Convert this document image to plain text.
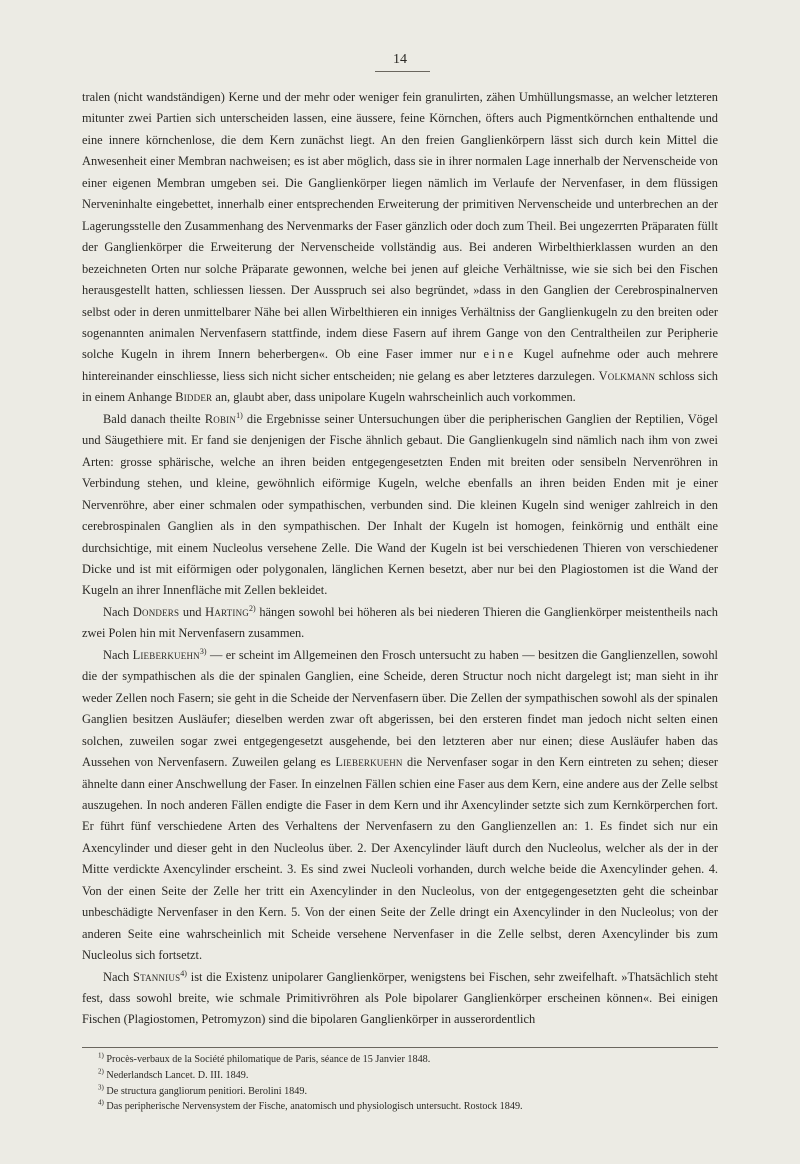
14

tralen (nicht wandständigen) Kerne und der mehr oder weniger fein granulirten, zähen Umhüllungsmasse, an welcher letzteren mitunter zwei Partien sich unterscheiden lassen, eine äussere, feine Körnchen, öfters auch Pigmentkörnchen enthaltende und eine innere körnchenlose, die dem Kern zunächst liegt. An den freien Ganglienkörpern lässt sich durch kein Mittel die Anwesenheit einer Membran nachweisen; es ist aber möglich, dass sie in ihrer normalen Lage innerhalb der Nervenscheide von einer eigenen Membran umgeben sei. Die Ganglienkörper liegen nämlich im Verlaufe der Nervenfaser, in dem flüssigen Nerveninhalte eingebettet, innerhalb einer entsprechenden Erweiterung der primitiven Nervenscheide und unterbrechen an der Lagerungsstelle den Zusammenhang des Nervenmarks der Faser gänzlich oder doch zum Theil. Bei ungezerrten Präparaten füllt der Ganglienkörper die Erweiterung der Nervenscheide vollständig aus. Bei anderen Wirbelthierklassen wurden an den bezeichneten Orten nur solche Präparate gewonnen, welche bei jenen auf gleiche Verhältnisse, wie sie sich bei den Fischen herausgestellt hatten, schliessen liessen. Der Ausspruch sei also begründet, »dass in den Ganglien der Cerebrospinalnerven selbst oder in deren unmittelbarer Nähe bei allen Wirbelthieren ein inniges Verhältniss der Ganglienkugeln zu den breiten oder sogenannten animalen Nervenfasern stattfinde, indem diese Fasern auf ihrem Gange von den Centraltheilen zur Peripherie solche Kugeln in ihrem Innern beherbergen«. Ob eine Faser immer nur eine Kugel aufnehme oder auch mehrere hintereinander einschliesse, liess sich nicht sicher entscheiden; nie gelang es aber letzteres darzulegen. Volkmann schloss sich in einem Anhange Bidder an, glaubt aber, dass unipolare Kugeln wahrscheinlich auch vorkommen.

Bald danach theilte Robin$^{1)}$ die Ergebnisse seiner Untersuchungen über die peripherischen Ganglien der Reptilien, Vögel und Säugethiere mit. Er fand sie denjenigen der Fische ähnlich gebaut. Die Ganglienkugeln sind nämlich nach ihm von zwei Arten: grosse sphärische, welche an ihren beiden entgegengesetzten Enden mit breiten oder sensibeln Nervenröhren in Verbindung stehen, und kleine, gewöhnlich eiförmige Kugeln, welche ebenfalls an ihren beiden Enden mit je einer Nervenröhre, aber einer schmalen oder sympathischen, verbunden sind. Die kleinen Kugeln sind weniger zahlreich in den cerebrospinalen Ganglien als in den sympathischen. Der Inhalt der Kugeln ist homogen, feinkörnig und enthält eine durchsichtige, mit einem Nucleolus versehene Zelle. Die Wand der Kugeln ist bei verschiedenen Thieren von verschiedener Dicke und ist mit eiförmigen oder polygonalen, länglichen Kernen besetzt, aber nur bei den Plagiostomen ist die Wand der Kugeln an ihrer Innenfläche mit Zellen bekleidet.

Nach Donders und Harting$^{2)}$ hängen sowohl bei höheren als bei niederen Thieren die Ganglienkörper meistentheils nach zwei Polen hin mit Nervenfasern zusammen.

Nach Lieberkuehn$^{3)}$ — er scheint im Allgemeinen den Frosch untersucht zu haben — besitzen die Ganglienzellen, sowohl die der sympathischen als die der spinalen Ganglien, eine Scheide, deren Structur noch nicht dargelegt ist; man sieht in ihr weder Zellen noch Fasern; sie geht in die Scheide der Nervenfasern über. Die Zellen der sympathischen sowohl als der spinalen Ganglien besitzen Ausläufer; dieselben werden zwar oft abgerissen, bei den ersteren findet man jedoch nicht selten einen solchen, zuweilen sogar zwei entgegengesetzt ausgehende, bei den letzteren aber nur einen; diese Ausläufer haben das Aussehen von Nervenfasern. Zuweilen gelang es Lieberkuehn die Nervenfaser sogar in den Kern eintreten zu sehen; dieser ähnelte dann einer Anschwellung der Faser. In einzelnen Fällen schien eine Faser aus dem Kern, eine andere aus der Zelle selbst auszugehen. In noch anderen Fällen endigte die Faser in dem Kern und ihr Axencylinder setzte sich zum Kernkörperchen fort. Er führt fünf verschiedene Arten des Verhaltens der Nervenfasern zu den Ganglienzellen an: 1. Es findet sich nur ein Axencylinder und dieser geht in den Nucleolus über. 2. Der Axencylinder läuft durch den Nucleolus, welcher als der in der Mitte verdickte Axencylinder erscheint. 3. Es sind zwei Nucleoli vorhanden, durch welche beide die Axencylinder gehen. 4. Von der einen Seite der Zelle her tritt ein Axencylinder in den Nucleolus, von der entgegengesetzten geht die scheinbar unbeschädigte Nervenfaser in den Kern. 5. Von der einen Seite der Zelle dringt ein Axencylinder in den Nucleolus; von der anderen Seite eine wahrscheinlich mit Scheide versehene Nervenfaser in die Zelle selbst, deren Axencylinder bis zum Nucleolus sich fortsetzt.

Nach Stannius$^{4)}$ ist die Existenz unipolarer Ganglienkörper, wenigstens bei Fischen, sehr zweifelhaft. »Thatsächlich steht fest, dass sowohl breite, wie schmale Primitivröhren als Pole bipolarer Ganglienkörper erscheinen können«. Bei einigen Fischen (Plagiostomen, Petromyzon) sind die bipolaren Ganglienkörper in ausserordentlich

$^{1)}$ Procès-verbaux de la Société philomatique de Paris, séance de 15 Janvier 1848.
$^{2)}$ Nederlandsch Lancet. D. III. 1849.
$^{3)}$ De structura gangliorum penitiori. Berolini 1849.
$^{4)}$ Das peripherische Nervensystem der Fische, anatomisch und physiologisch untersucht. Rostock 1849.
